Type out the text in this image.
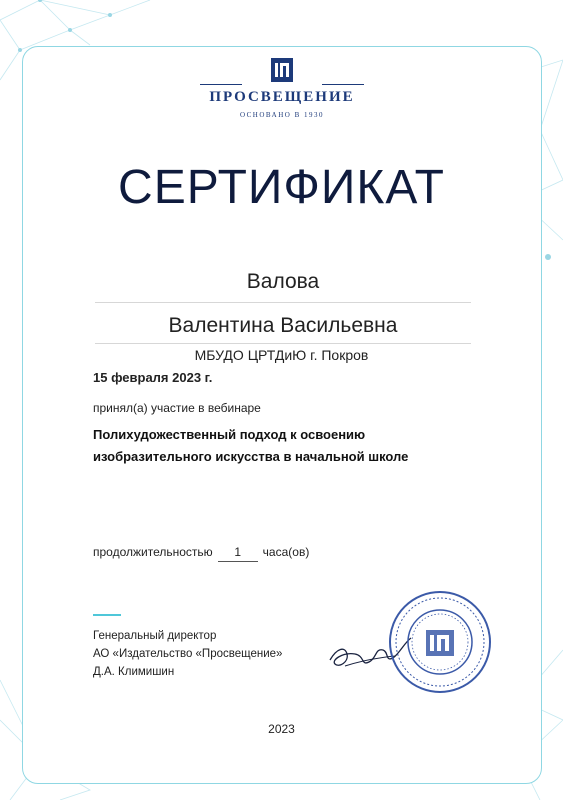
ПРОСВЕЩЕНИЕ
ОСНОВАНО В 1930
СЕРТИФИКАТ
Валова
Валентина Васильевна
МБУДО ЦРТДиЮ г. Покров
15 февраля 2023 г.
принял(а) участие в вебинаре
Полихудожественный подход к освоению
изобразительного искусства в начальной школе
продолжительностью 1 часа(ов)
Генеральный директор
АО «Издательство «Просвещение»
Д.А. Климишин
2023
